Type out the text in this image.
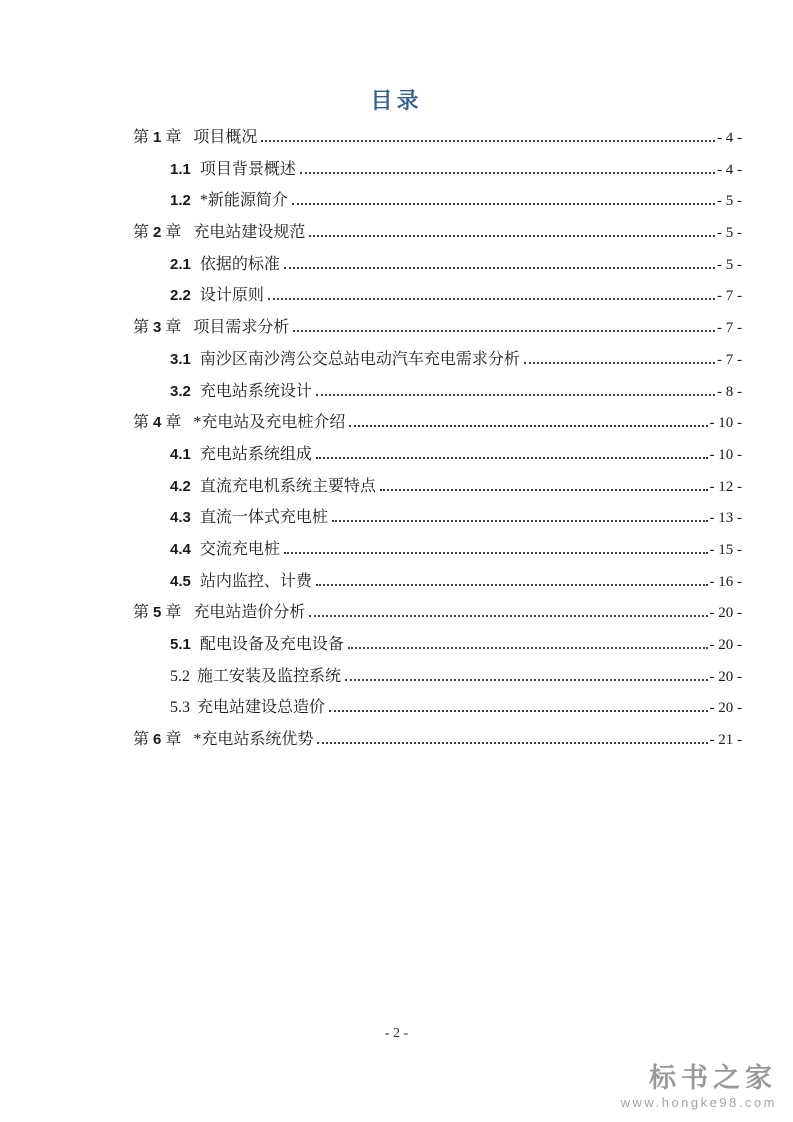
目录
第 1 章 项目概况	- 4 -
1.1 项目背景概述	- 4 -
1.2 *新能源简介	- 5 -
第 2 章 充电站建设规范	- 5 -
2.1 依据的标准	- 5 -
2.2 设计原则	- 7 -
第 3 章 项目需求分析	- 7 -
3.1 南沙区南沙湾公交总站电动汽车充电需求分析	- 7 -
3.2 充电站系统设计	- 8 -
第 4 章 *充电站及充电桩介绍	- 10 -
4.1 充电站系统组成	- 10 -
4.2 直流充电机系统主要特点	- 12 -
4.3 直流一体式充电桩	- 13 -
4.4 交流充电桩	- 15 -
4.5 站内监控、计费	- 16 -
第 5 章 充电站造价分析	- 20 -
5.1 配电设备及充电设备	- 20 -
5.2 施工安装及监控系统	- 20 -
5.3 充电站建设总造价	- 20 -
第 6 章 *充电站系统优势	- 21 -
- 2 -
标书之家
www.hongke98.com
